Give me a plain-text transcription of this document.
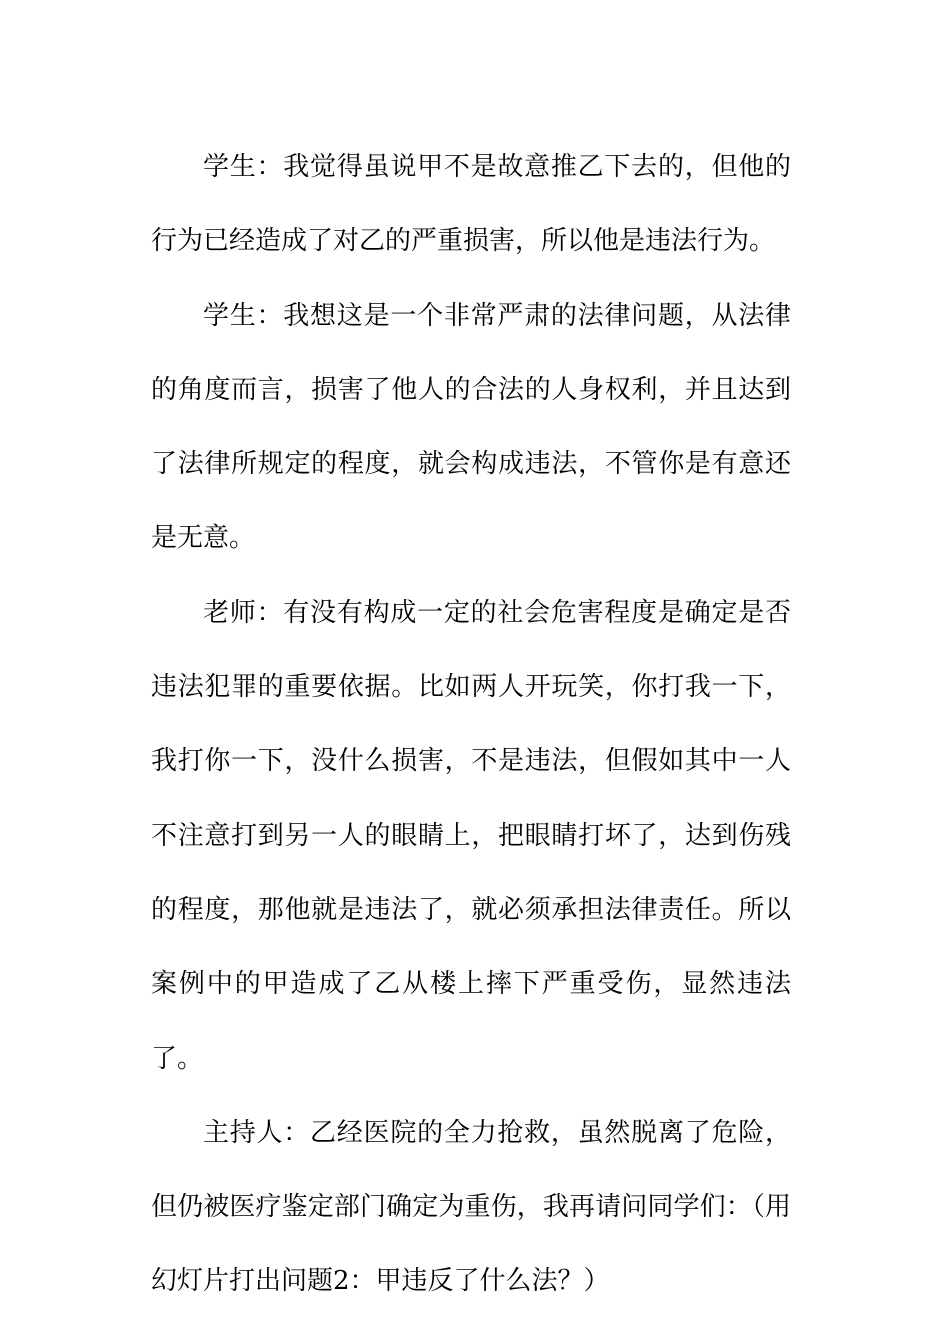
学生：我觉得虽说甲不是故意推乙下去的，但他的行为已经造成了对乙的严重损害，所以他是违法行为。

学生：我想这是一个非常严肃的法律问题，从法律的角度而言，损害了他人的合法的人身权利，并且达到了法律所规定的程度，就会构成违法，不管你是有意还是无意。

老师：有没有构成一定的社会危害程度是确定是否违法犯罪的重要依据。比如两人开玩笑，你打我一下，我打你一下，没什么损害，不是违法，但假如其中一人不注意打到另一人的眼睛上，把眼睛打坏了，达到伤残的程度，那他就是违法了，就必须承担法律责任。所以案例中的甲造成了乙从楼上摔下严重受伤，显然违法了。

主持人：乙经医院的全力抢救，虽然脱离了危险，但仍被医疗鉴定部门确定为重伤，我再请问同学们：（用幻灯片打出问题2：甲违反了什么法？）
